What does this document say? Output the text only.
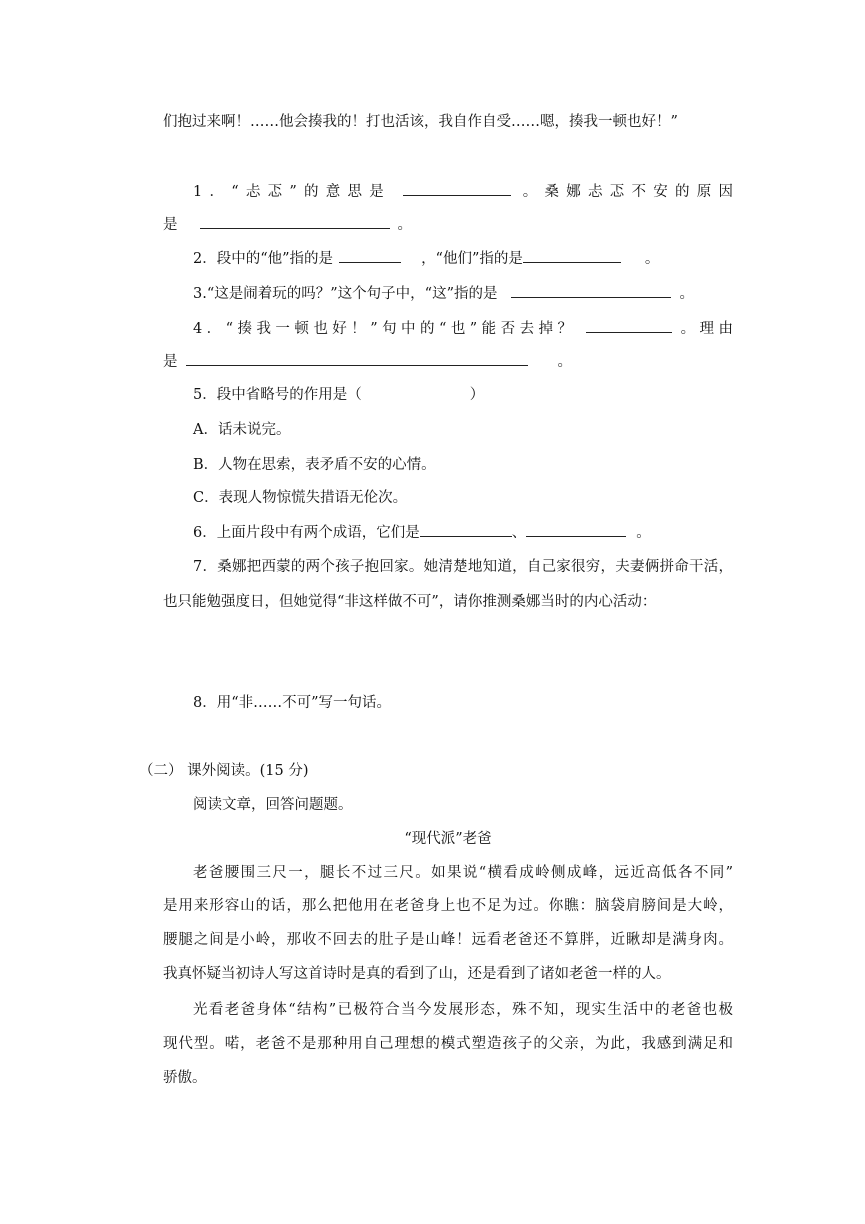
们抱过来啊！……他会揍我的！打也活该，我自作自受……嗯，揍我一顿也好！”
1．“忐忑”的意思是	。桑娜忐忑不安的原因
是	。
2．段中的“他”指的是	，“他们”指的是	。
3.“这是闹着玩的吗？”这个句子中，“这”指的是	。
4．“揍我一顿也好！”句中的“也”能否去掉？	。理由
是	。
5．段中省略号的作用是（	）
A．话未说完。
B．人物在思索，表矛盾不安的心情。
C．表现人物惊慌失措语无伦次。
6．上面片段中有两个成语，它们是	、	。
7．桑娜把西蒙的两个孩子抱回家。她清楚地知道，自己家很穷，夫妻俩拼命干活，
也只能勉强度日，但她觉得“非这样做不可”，请你推测桑娜当时的内心活动：
8．用“非……不可”写一句话。
（二） 课外阅读。(15 分)
阅读文章，回答问题题。
“现代派”老爸
老爸腰围三尺一，腿长不过三尺。如果说“横看成岭侧成峰，远近高低各不同”
是用来形容山的话，那么把他用在老爸身上也不足为过。你瞧：脑袋肩膀间是大岭，
腰腿之间是小岭，那收不回去的肚子是山峰！远看老爸还不算胖，近瞅却是满身肉。
我真怀疑当初诗人写这首诗时是真的看到了山，还是看到了诸如老爸一样的人。
光看老爸身体“结构”已极符合当今发展形态，殊不知，现实生活中的老爸也极
现代型。喏，老爸不是那种用自己理想的模式塑造孩子的父亲，为此，我感到满足和
骄傲。
